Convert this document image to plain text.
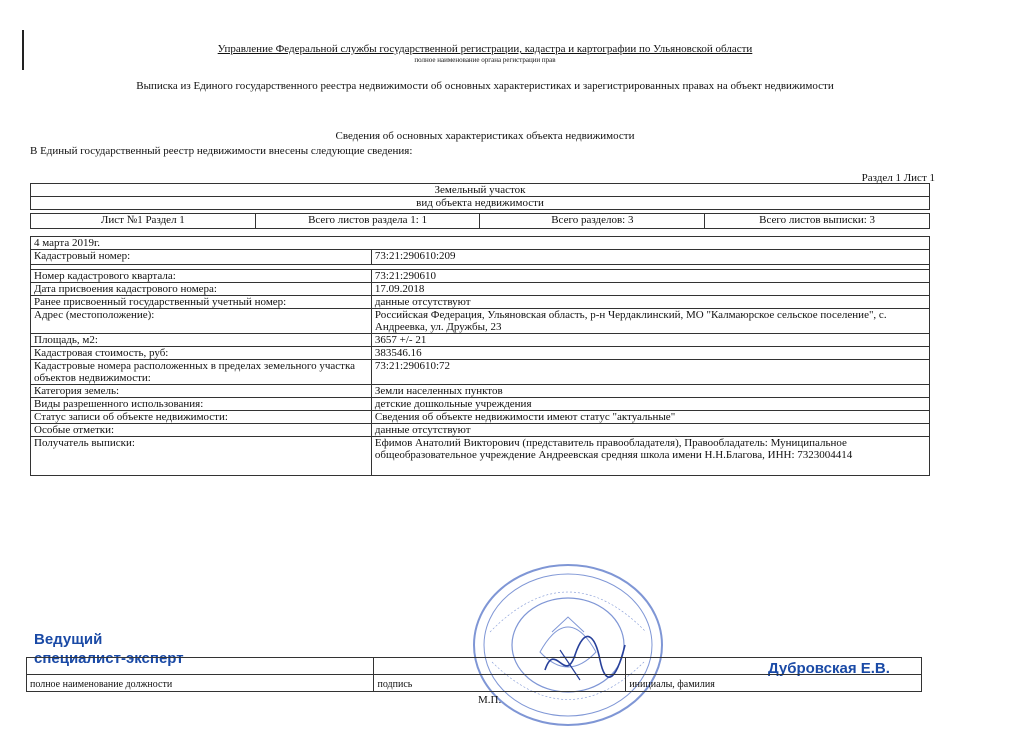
Управление Федеральной службы государственной регистрации, кадастра и картографии по Ульяновской области
полное наименование органа регистрации прав
Выписка из Единого государственного реестра недвижимости об основных характеристиках и зарегистрированных правах на объект недвижимости
Сведения об основных характеристиках объекта недвижимости
В Единый государственный реестр недвижимости внесены следующие сведения:
Раздел 1 Лист 1
Земельный участок
вид объекта недвижимости
Лист №1 Раздел 1	Всего листов раздела 1: 1	Всего разделов: 3	Всего листов выписки: 3
4 марта 2019г.	
Кадастровый номер:	73:21:290610:209

Номер кадастрового квартала:	73:21:290610
Дата присвоения кадастрового номера:	17.09.2018
Ранее присвоенный государственный учетный номер:	данные отсутствуют
Адрес (местоположение):	Российская Федерация, Ульяновская область, р-н Чердаклинский, МО "Калмаюрское сельское поселение", с. Андреевка, ул. Дружбы, 23
Площадь, м2:	3657 +/- 21
Кадастровая стоимость, руб:	383546.16
Кадастровые номера расположенных в пределах земельного участка объектов недвижимости:	73:21:290610:72
Категория земель:	Земли населенных пунктов
Виды разрешенного использования:	детские дошкольные учреждения
Статус записи об объекте недвижимости:	Сведения об объекте недвижимости имеют статус "актуальные"
Особые отметки:	данные отсутствуют
Получатель выписки:	Ефимов Анатолий Викторович (представитель правообладателя), Правообладатель: Муниципальное общеобразовательное учреждение Андреевская средняя школа имени Н.Н.Благова, ИНН: 7323004414
Ведущий
специалист-эксперт
Дубровская Е.В.

полное наименование должности	подпись	инициалы, фамилия
М.П.
